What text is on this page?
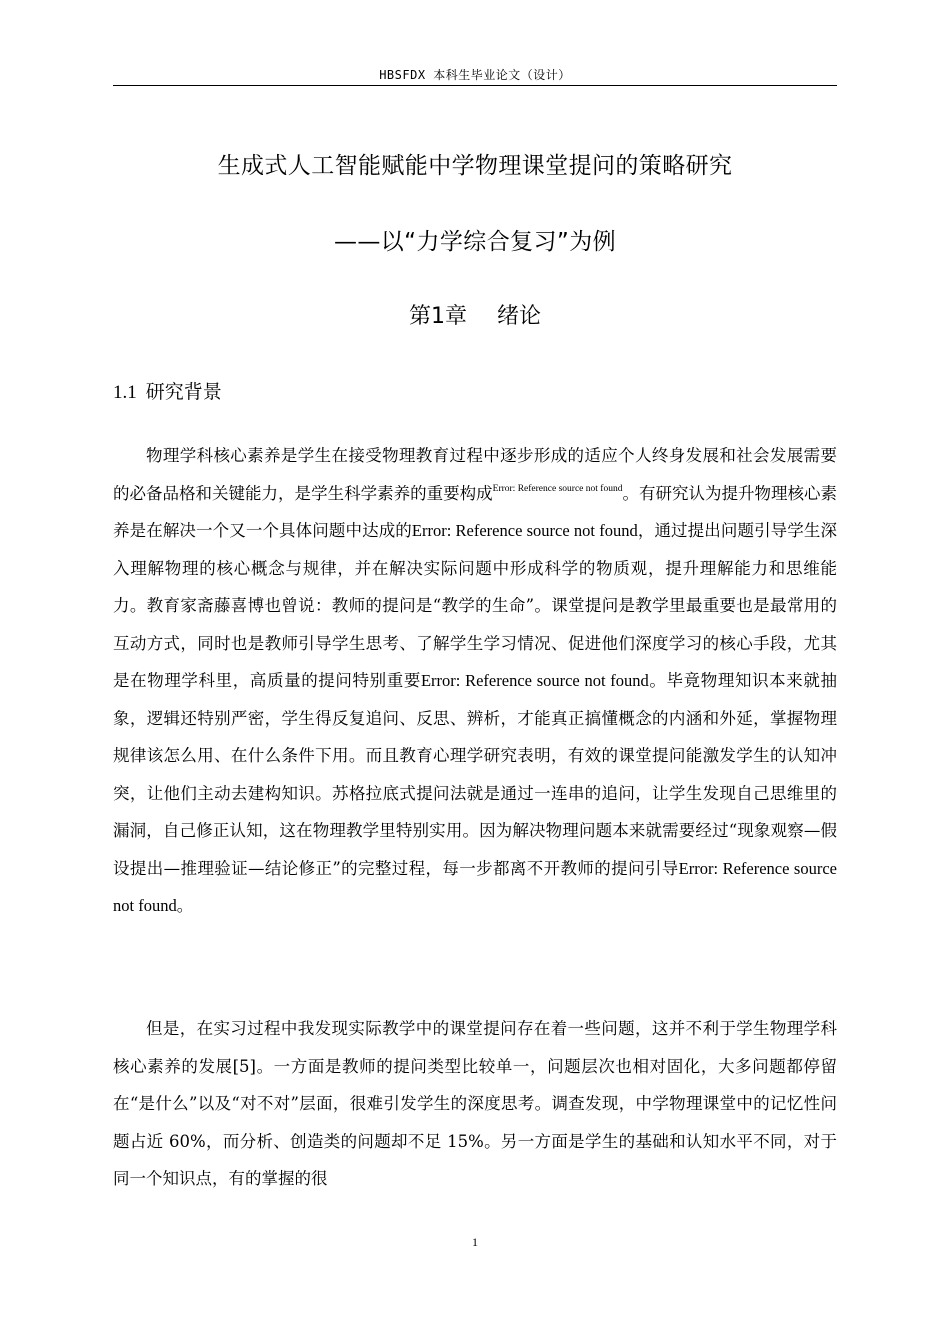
HBSFDX 本科生毕业论文（设计）
生成式人工智能赋能中学物理课堂提问的策略研究
——以“力学综合复习”为例
第1章 绪论
1.1 研究背景

物理学科核心素养是学生在接受物理教育过程中逐步形成的适应个人终身发展和社会发展需要的必备品格和关键能力，是学生科学素养的重要构成$^{Error: Reference source not found}$。有研究认为提升物理核心素养是在解决一个又一个具体问题中达成的Error: Reference source not found，通过提出问题引导学生深入理解物理的核心概念与规律，并在解决实际问题中形成科学的物质观，提升理解能力和思维能力。教育家斋藤喜博也曾说：教师的提问是“教学的生命”。课堂提问是教学里最重要也是最常用的互动方式，同时也是教师引导学生思考、了解学生学习情况、促进他们深度学习的核心手段，尤其是在物理学科里，高质量的提问特别重要Error: Reference source not found。毕竟物理知识本来就抽象，逻辑还特别严密，学生得反复追问、反思、辨析，才能真正搞懂概念的内涵和外延，掌握物理规律该怎么用、在什么条件下用。而且教育心理学研究表明，有效的课堂提问能激发学生的认知冲突，让他们主动去建构知识。苏格拉底式提问法就是通过一连串的追问，让学生发现自己思维里的漏洞，自己修正认知，这在物理教学里特别实用。因为解决物理问题本来就需要经过“现象观察—假设提出—推理验证—结论修正”的完整过程，每一步都离不开教师的提问引导Error: Reference source not found。

但是，在实习过程中我发现实际教学中的课堂提问存在着一些问题，这并不利于学生物理学科核心素养的发展[5]。一方面是教师的提问类型比较单一，问题层次也相对固化，大多问题都停留在“是什么”以及“对不对”层面，很难引发学生的深度思考。调查发现，中学物理课堂中的记忆性问题占近 60%，而分析、创造类的问题却不足 15%。另一方面是学生的基础和认知水平不同，对于同一个知识点，有的掌握的很

1
